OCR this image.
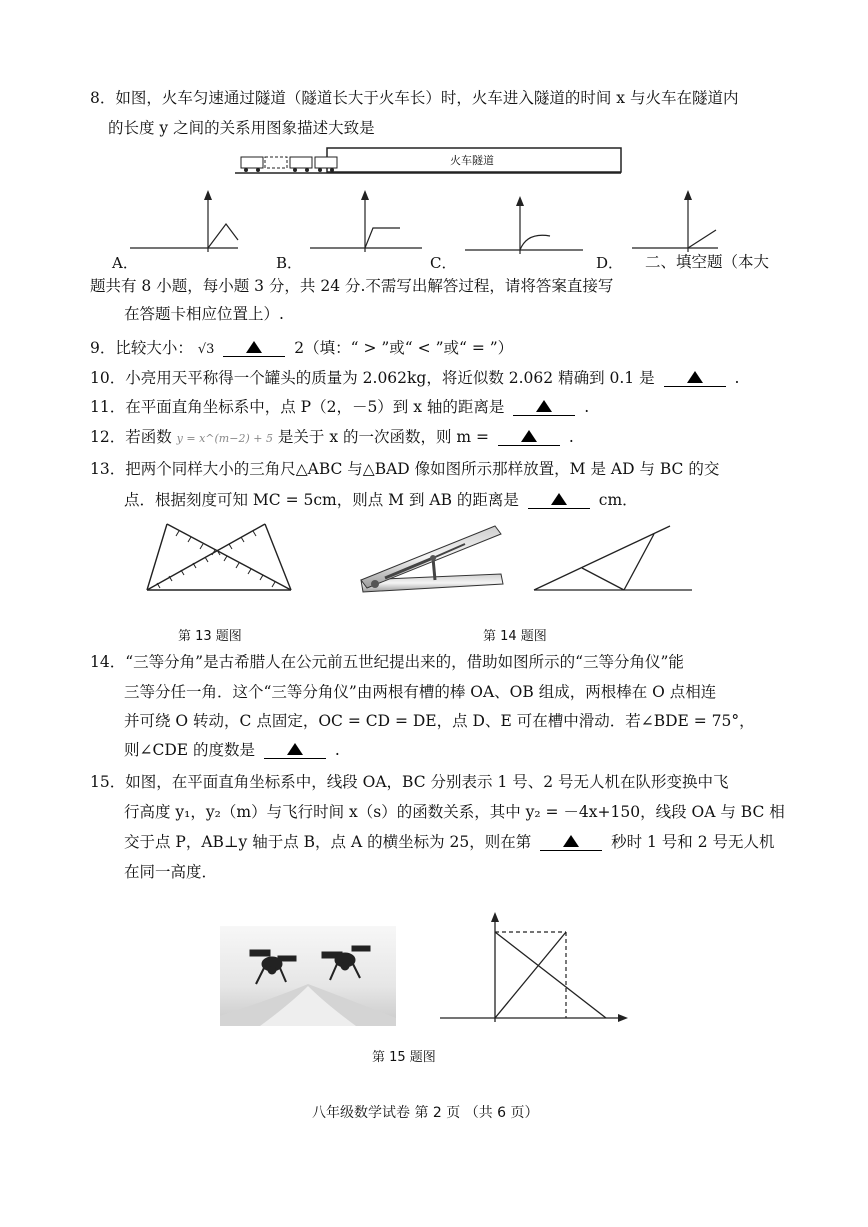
8．如图，火车匀速通过隧道（隧道长大于火车长）时，火车进入隧道的时间 x 与火车在隧道内
的长度 y 之间的关系用图象描述大致是
火车隧道
A．	B．	C．	D． 二、填空题（本大
题共有 8 小题，每小题 3 分，共 24 分.不需写出解答过程，请将答案直接写
在答题卡相应位置上）.
9．比较大小： √3	2（填：“ > ”或“ < ”或“ = ”）
10．小亮用天平称得一个罐头的质量为 2.062kg，将近似数 2.062 精确到 0.1 是	.
11．在平面直角坐标系中，点 P（2，－5）到 x 轴的距离是	.
12．若函数 y = x^(m−2) + 5 是关于 x 的一次函数，则 m =	.
13．把两个同样大小的三角尺△ABC 与△BAD 像如图所示那样放置，M 是 AD 与 BC 的交
点．根据刻度可知 MC = 5cm，则点 M 到 AB 的距离是	cm．
第 13 题图	第 14 题图
14．“三等分角”是古希腊人在公元前五世纪提出来的，借助如图所示的“三等分角仪”能
三等分任一角．这个“三等分角仪”由两根有槽的棒 OA、OB 组成，两根棒在 O 点相连
并可绕 O 转动，C 点固定，OC = CD = DE，点 D、E 可在槽中滑动．若∠BDE = 75°，
则∠CDE 的度数是	.
15．如图，在平面直角坐标系中，线段 OA，BC 分别表示 1 号、2 号无人机在队形变换中飞
行高度 y₁，y₂（m）与飞行时间 x（s）的函数关系，其中 y₂ = －4x+150，线段 OA 与 BC 相
交于点 P，AB⊥y 轴于点 B，点 A 的横坐标为 25，则在第	秒时 1 号和 2 号无人机
在同一高度．
第 15 题图
八年级数学试卷 第 2 页 （共 6 页）
